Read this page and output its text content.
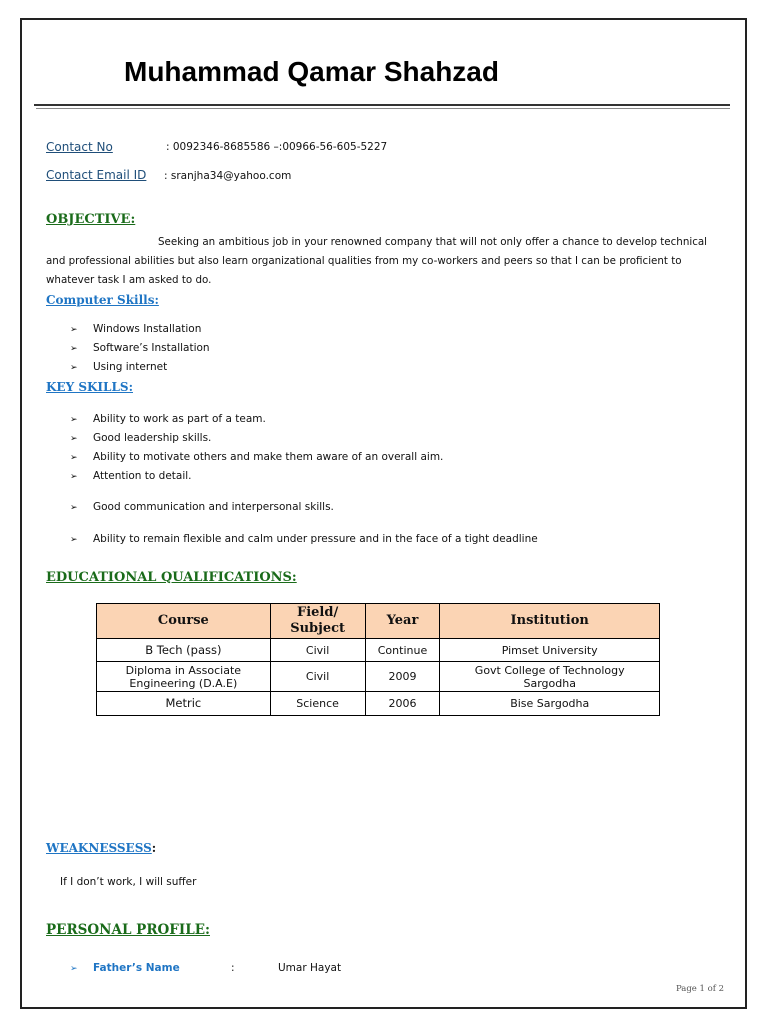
Muhammad Qamar Shahzad
Contact No	: 0092346-8685586 –:00966-56-605-5227
Contact Email ID : sranjha34@yahoo.com
OBJECTIVE:
Seeking an ambitious job in your renowned company that will not only offer a chance to develop technical
and professional abilities but also learn organizational qualities from my co-workers and peers so that I can be proficient to
whatever task I am asked to do.
Computer Skills:
➢ Windows Installation
➢ Software’s Installation
➢ Using internet
KEY SKILLS:
➢ Ability to work as part of a team.
➢ Good leadership skills.
➢ Ability to motivate others and make them aware of an overall aim.
➢ Attention to detail.
➢ Good communication and interpersonal skills.
➢ Ability to remain flexible and calm under pressure and in the face of a tight deadline
EDUCATIONAL QUALIFICATIONS:
Course	Field/ Subject	Year	Institution
B Tech (pass)	Civil	Continue	Pimset University
Diploma in Associate Engineering (D.A.E)	Civil	2009	Govt College of Technology Sargodha
Metric	Science	2006	Bise Sargodha
WEAKNESSESS:
If I don’t work, I will suffer
PERSONAL PROFILE:
➢ Father’s Name	:	Umar Hayat
Page 1 of 2
